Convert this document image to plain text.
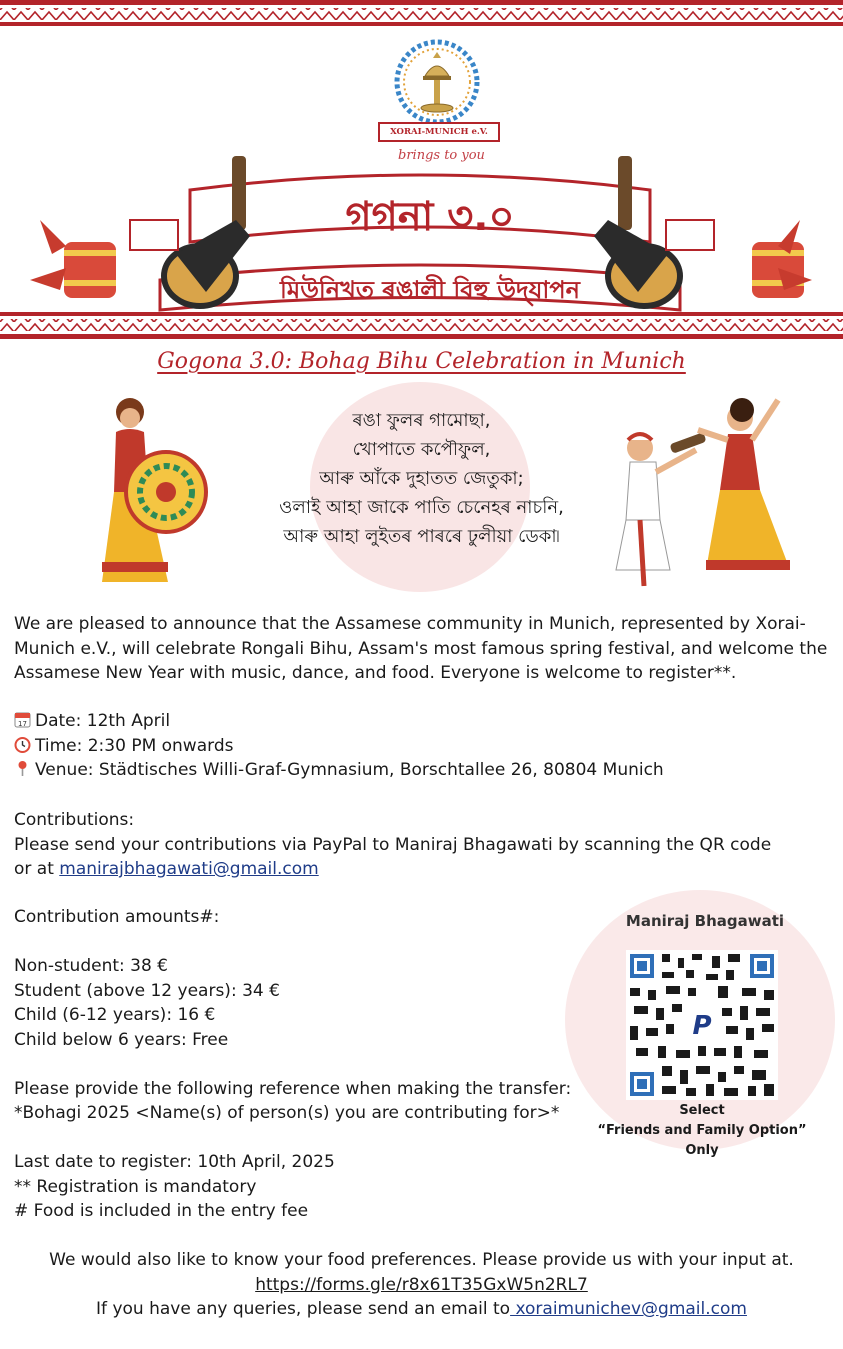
XORAI-MUNICH e.V.
brings to you
গগনা ৩.০
মিউনিখত ৰঙালী বিহু উদ্‌যাপন
Gogona 3.0: Bohag Bihu Celebration in Munich
ৰঙা ফুলৰ গামোছা,
খোপাতে কপৌফুল,
আৰু আঁকে দুহাতত জেতুকা;
ওলাই আহা জাকে পাতি চেনেহৰ নাচনি,
আৰু আহা লুইতৰ পাৰৰে ঢুলীয়া ডেকা৷
We are pleased to announce that the Assamese community in Munich, represented by Xorai-
Munich e.V., will celebrate Rongali Bihu, Assam's most famous spring festival, and welcome the
Assamese New Year with music, dance, and food. Everyone is welcome to register**.
17 Date: 12th April
Time: 2:30 PM onwards
Venue: Städtisches Willi-Graf-Gymnasium, Borschtallee 26, 80804 Munich
Contributions:
Please send your contributions via PayPal to Maniraj Bhagawati by scanning the QR code
or at manirajbhagawati@gmail.com
Contribution amounts#:
Non-student: 38 €
Student (above 12 years): 34 €
Child (6-12 years): 16 €
Child below 6 years: Free
Please provide the following reference when making the transfer:
*Bohagi 2025 <Name(s) of person(s) you are contributing for>*
Last date to register: 10th April, 2025
** Registration is mandatory
# Food is included in the entry fee
Maniraj Bhagawati
P
Select
“Friends and Family Option”
Only
We would also like to know your food preferences. Please provide us with your input at.
https://forms.gle/r8x61T35GxW5n2RL7
If you have any queries, please send an email to xoraimunichev@gmail.com
